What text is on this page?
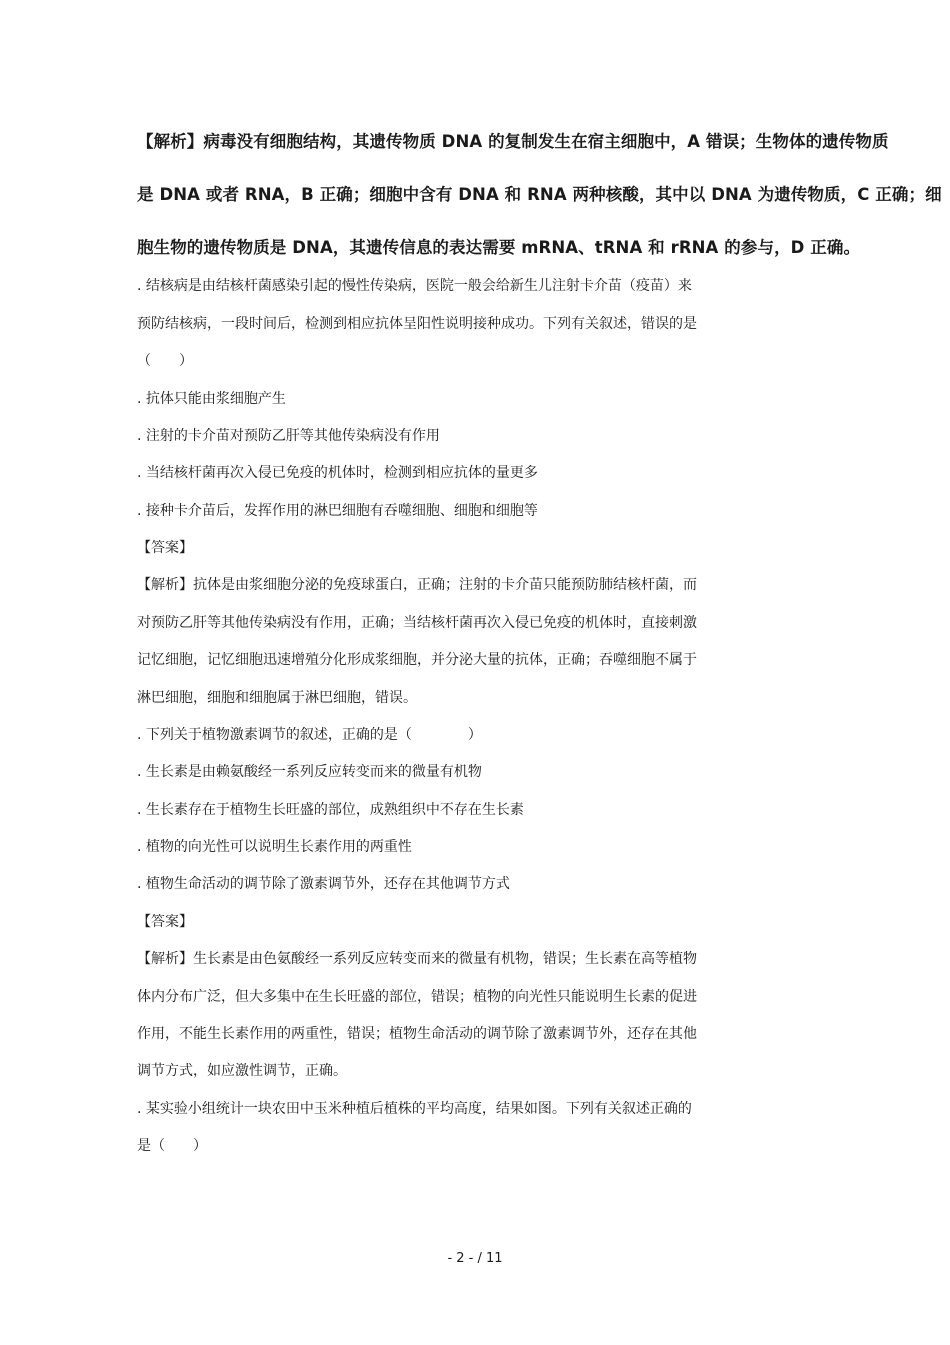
【解析】病毒没有细胞结构，其遗传物质 DNA 的复制发生在宿主细胞中，A 错误；生物体的遗传物质
是 DNA 或者 RNA，B 正确；细胞中含有 DNA 和 RNA 两种核酸，其中以 DNA 为遗传物质，C 正确；细
胞生物的遗传物质是 DNA，其遗传信息的表达需要 mRNA、tRNA 和 rRNA 的参与，D 正确。
. 结核病是由结核杆菌感染引起的慢性传染病，医院一般会给新生儿注射卡介苗（疫苗）来
预防结核病，一段时间后，检测到相应抗体呈阳性说明接种成功。下列有关叙述，错误的是
（　　）
. 抗体只能由浆细胞产生
. 注射的卡介苗对预防乙肝等其他传染病没有作用
. 当结核杆菌再次入侵已免疫的机体时，检测到相应抗体的量更多
. 接种卡介苗后，发挥作用的淋巴细胞有吞噬细胞、细胞和细胞等
【答案】
【解析】抗体是由浆细胞分泌的免疫球蛋白，正确；注射的卡介苗只能预防肺结核杆菌，而
对预防乙肝等其他传染病没有作用，正确；当结核杆菌再次入侵已免疫的机体时，直接刺激
记忆细胞，记忆细胞迅速增殖分化形成浆细胞，并分泌大量的抗体，正确；吞噬细胞不属于
淋巴细胞，细胞和细胞属于淋巴细胞，错误。
. 下列关于植物激素调节的叙述，正确的是（　　　　）
. 生长素是由赖氨酸经一系列反应转变而来的微量有机物
. 生长素存在于植物生长旺盛的部位，成熟组织中不存在生长素
. 植物的向光性可以说明生长素作用的两重性
. 植物生命活动的调节除了激素调节外，还存在其他调节方式
【答案】
【解析】生长素是由色氨酸经一系列反应转变而来的微量有机物，错误；生长素在高等植物
体内分布广泛，但大多集中在生长旺盛的部位，错误；植物的向光性只能说明生长素的促进
作用，不能生长素作用的两重性，错误；植物生命活动的调节除了激素调节外，还存在其他
调节方式，如应激性调节，正确。
. 某实验小组统计一块农田中玉米种植后植株的平均高度，结果如图。下列有关叙述正确的
是（　　）
- 2 - / 11
